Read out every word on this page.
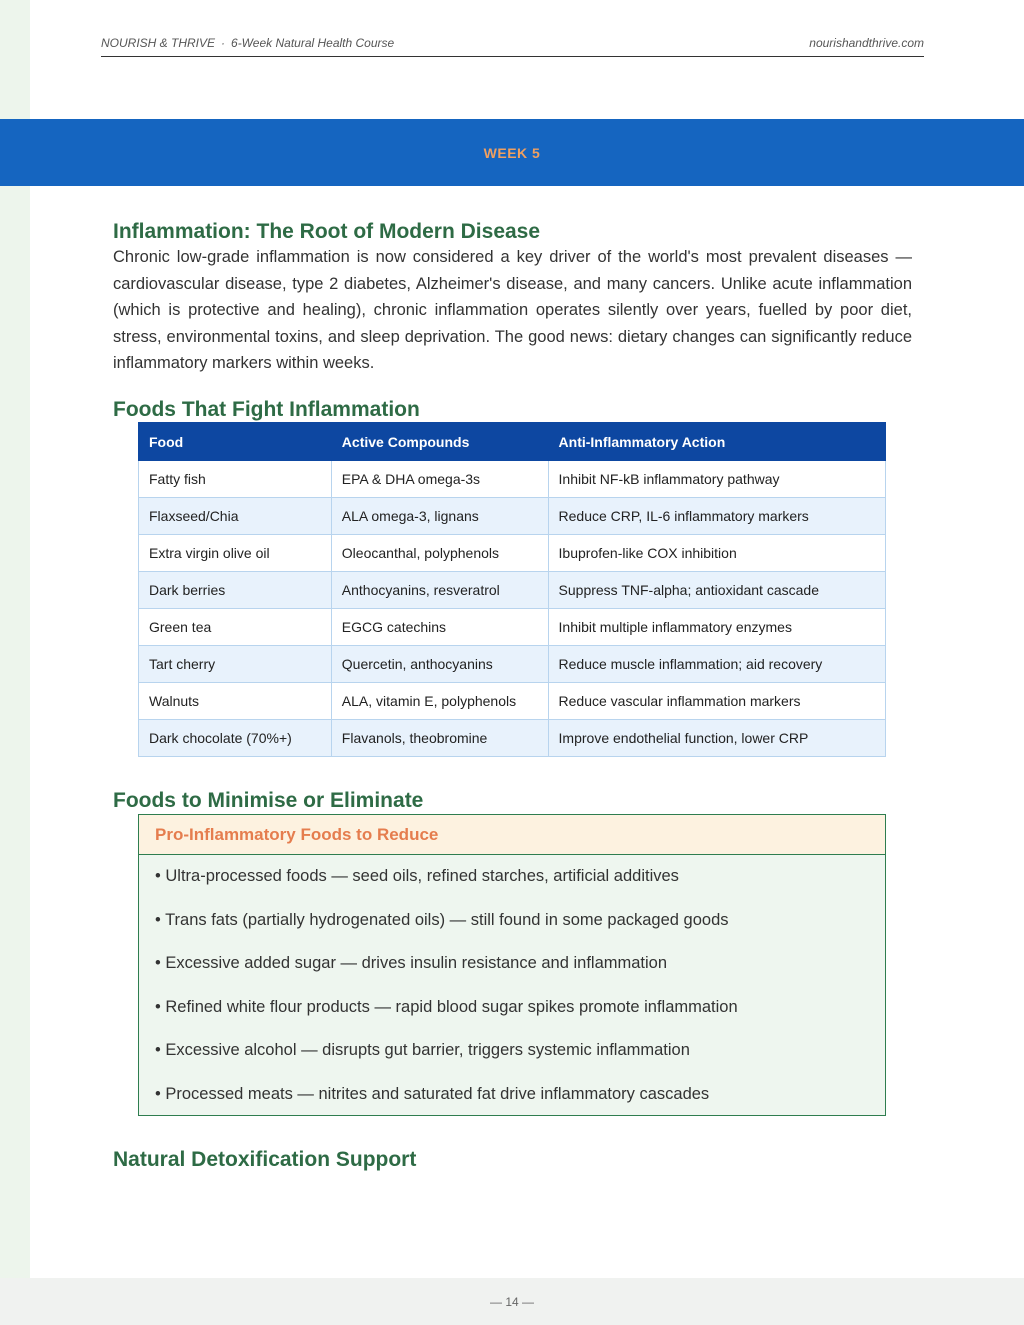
NOURISH & THRIVE · 6-Week Natural Health Course	nourishandthrive.com
WEEK 5
Inflammation: The Root of Modern Disease

Chronic low-grade inflammation is now considered a key driver of the world's most prevalent diseases — cardiovascular disease, type 2 diabetes, Alzheimer's disease, and many cancers. Unlike acute inflammation (which is protective and healing), chronic inflammation operates silently over years, fuelled by poor diet, stress, environmental toxins, and sleep deprivation. The good news: dietary changes can significantly reduce inflammatory markers within weeks.

Foods That Fight Inflammation
Food	Active Compounds	Anti-Inflammatory Action
Fatty fish	EPA & DHA omega-3s	Inhibit NF-kB inflammatory pathway
Flaxseed/Chia	ALA omega-3, lignans	Reduce CRP, IL-6 inflammatory markers
Extra virgin olive oil	Oleocanthal, polyphenols	Ibuprofen-like COX inhibition
Dark berries	Anthocyanins, resveratrol	Suppress TNF-alpha; antioxidant cascade
Green tea	EGCG catechins	Inhibit multiple inflammatory enzymes
Tart cherry	Quercetin, anthocyanins	Reduce muscle inflammation; aid recovery
Walnuts	ALA, vitamin E, polyphenols	Reduce vascular inflammation markers
Dark chocolate (70%+)	Flavanols, theobromine	Improve endothelial function, lower CRP
Foods to Minimise or Eliminate
Pro-Inflammatory Foods to Reduce
• Ultra-processed foods — seed oils, refined starches, artificial additives
• Trans fats (partially hydrogenated oils) — still found in some packaged goods
• Excessive added sugar — drives insulin resistance and inflammation
• Refined white flour products — rapid blood sugar spikes promote inflammation
• Excessive alcohol — disrupts gut barrier, triggers systemic inflammation
• Processed meats — nitrites and saturated fat drive inflammatory cascades
Natural Detoxification Support
— 14 —
